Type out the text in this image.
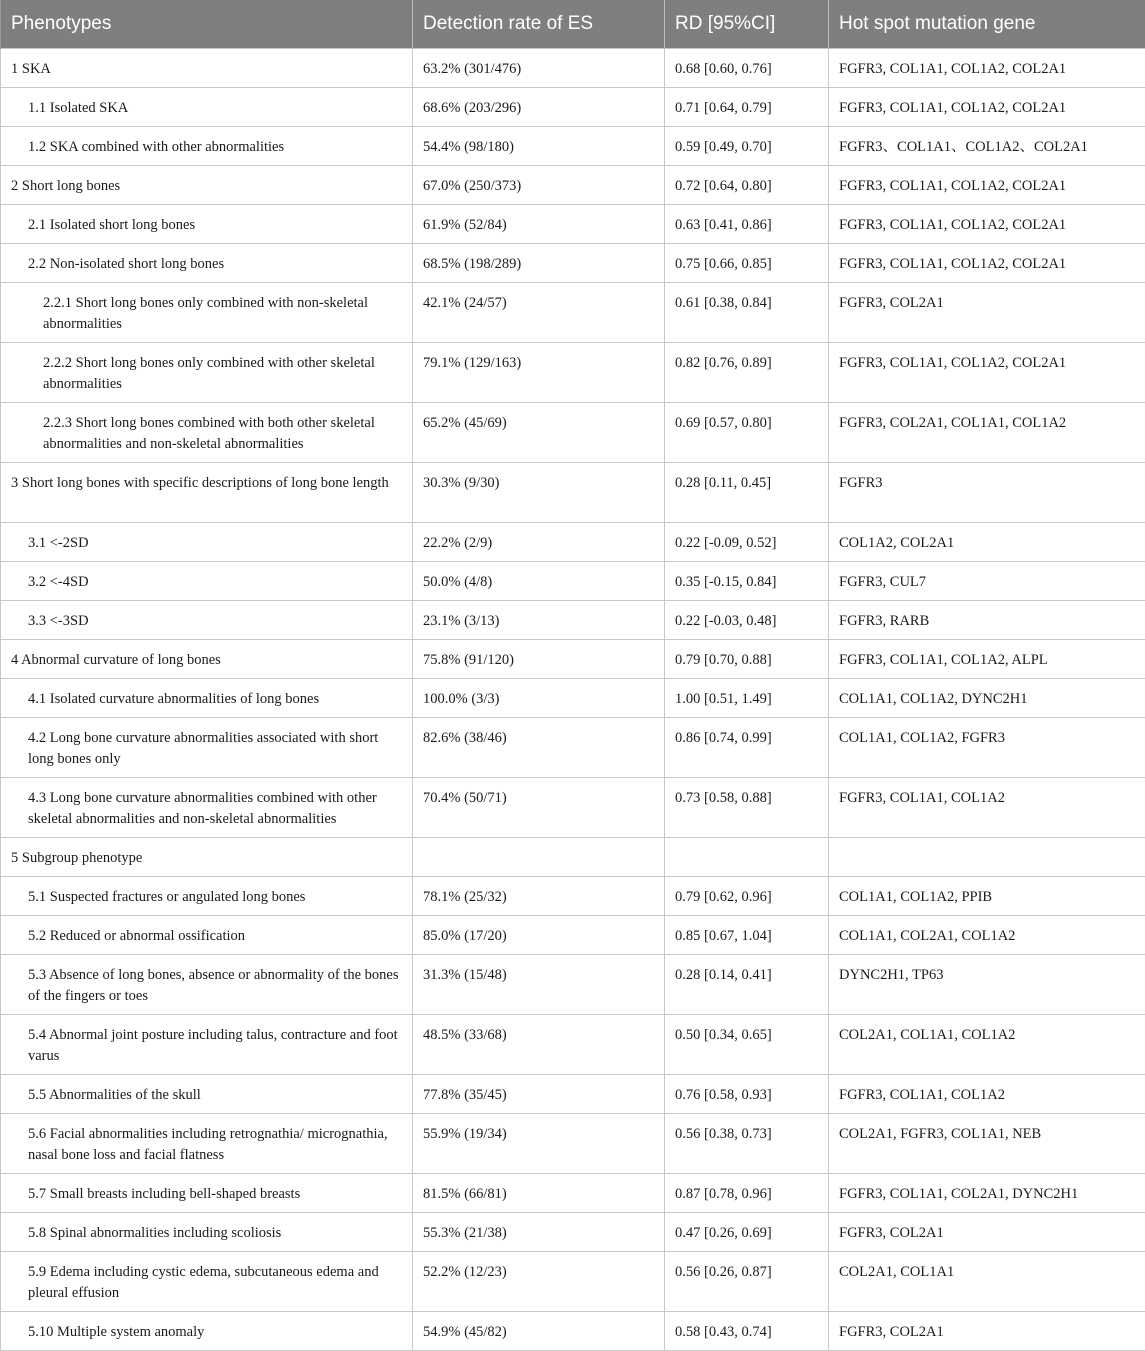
Phenotypes	Detection rate of ES	RD [95%CI]	Hot spot mutation gene
1 SKA	63.2% (301/476)	0.68 [0.60, 0.76]	FGFR3, COL1A1, COL1A2, COL2A1
1.1 Isolated SKA	68.6% (203/296)	0.71 [0.64, 0.79]	FGFR3, COL1A1, COL1A2, COL2A1
1.2 SKA combined with other abnormalities	54.4% (98/180)	0.59 [0.49, 0.70]	FGFR3、COL1A1、COL1A2、COL2A1
2 Short long bones	67.0% (250/373)	0.72 [0.64, 0.80]	FGFR3, COL1A1, COL1A2, COL2A1
2.1 Isolated short long bones	61.9% (52/84)	0.63 [0.41, 0.86]	FGFR3, COL1A1, COL1A2, COL2A1
2.2 Non-isolated short long bones	68.5% (198/289)	0.75 [0.66, 0.85]	FGFR3, COL1A1, COL1A2, COL2A1
2.2.1 Short long bones only combined with non-skeletal abnormalities	42.1% (24/57)	0.61 [0.38, 0.84]	FGFR3, COL2A1
2.2.2 Short long bones only combined with other skeletal abnormalities	79.1% (129/163)	0.82 [0.76, 0.89]	FGFR3, COL1A1, COL1A2, COL2A1
2.2.3 Short long bones combined with both other skeletal abnormalities and non-skeletal abnormalities	65.2% (45/69)	0.69 [0.57, 0.80]	FGFR3, COL2A1, COL1A1, COL1A2
3 Short long bones with specific descriptions of long bone length	30.3% (9/30)	0.28 [0.11, 0.45]	FGFR3
3.1 <-2SD	22.2% (2/9)	0.22 [-0.09, 0.52]	COL1A2, COL2A1
3.2 <-4SD	50.0% (4/8)	0.35 [-0.15, 0.84]	FGFR3, CUL7
3.3 <-3SD	23.1% (3/13)	0.22 [-0.03, 0.48]	FGFR3, RARB
4 Abnormal curvature of long bones	75.8% (91/120)	0.79 [0.70, 0.88]	FGFR3, COL1A1, COL1A2, ALPL
4.1 Isolated curvature abnormalities of long bones	100.0% (3/3)	1.00 [0.51, 1.49]	COL1A1, COL1A2, DYNC2H1
4.2 Long bone curvature abnormalities associated with short long bones only	82.6% (38/46)	0.86 [0.74, 0.99]	COL1A1, COL1A2, FGFR3
4.3 Long bone curvature abnormalities combined with other skeletal abnormalities and non-skeletal abnormalities	70.4% (50/71)	0.73 [0.58, 0.88]	FGFR3, COL1A1, COL1A2
5 Subgroup phenotype			
5.1 Suspected fractures or angulated long bones	78.1% (25/32)	0.79 [0.62, 0.96]	COL1A1, COL1A2, PPIB
5.2 Reduced or abnormal ossification	85.0% (17/20)	0.85 [0.67, 1.04]	COL1A1, COL2A1, COL1A2
5.3 Absence of long bones, absence or abnormality of the bones of the fingers or toes	31.3% (15/48)	0.28 [0.14, 0.41]	DYNC2H1, TP63
5.4 Abnormal joint posture including talus, contracture and foot varus	48.5% (33/68)	0.50 [0.34, 0.65]	COL2A1, COL1A1, COL1A2
5.5 Abnormalities of the skull	77.8% (35/45)	0.76 [0.58, 0.93]	FGFR3, COL1A1, COL1A2
5.6 Facial abnormalities including retrognathia/ micrognathia, nasal bone loss and facial flatness	55.9% (19/34)	0.56 [0.38, 0.73]	COL2A1, FGFR3, COL1A1, NEB
5.7 Small breasts including bell-shaped breasts	81.5% (66/81)	0.87 [0.78, 0.96]	FGFR3, COL1A1, COL2A1, DYNC2H1
5.8 Spinal abnormalities including scoliosis	55.3% (21/38)	0.47 [0.26, 0.69]	FGFR3, COL2A1
5.9 Edema including cystic edema, subcutaneous edema and pleural effusion	52.2% (12/23)	0.56 [0.26, 0.87]	COL2A1, COL1A1
5.10 Multiple system anomaly	54.9% (45/82)	0.58 [0.43, 0.74]	FGFR3, COL2A1
